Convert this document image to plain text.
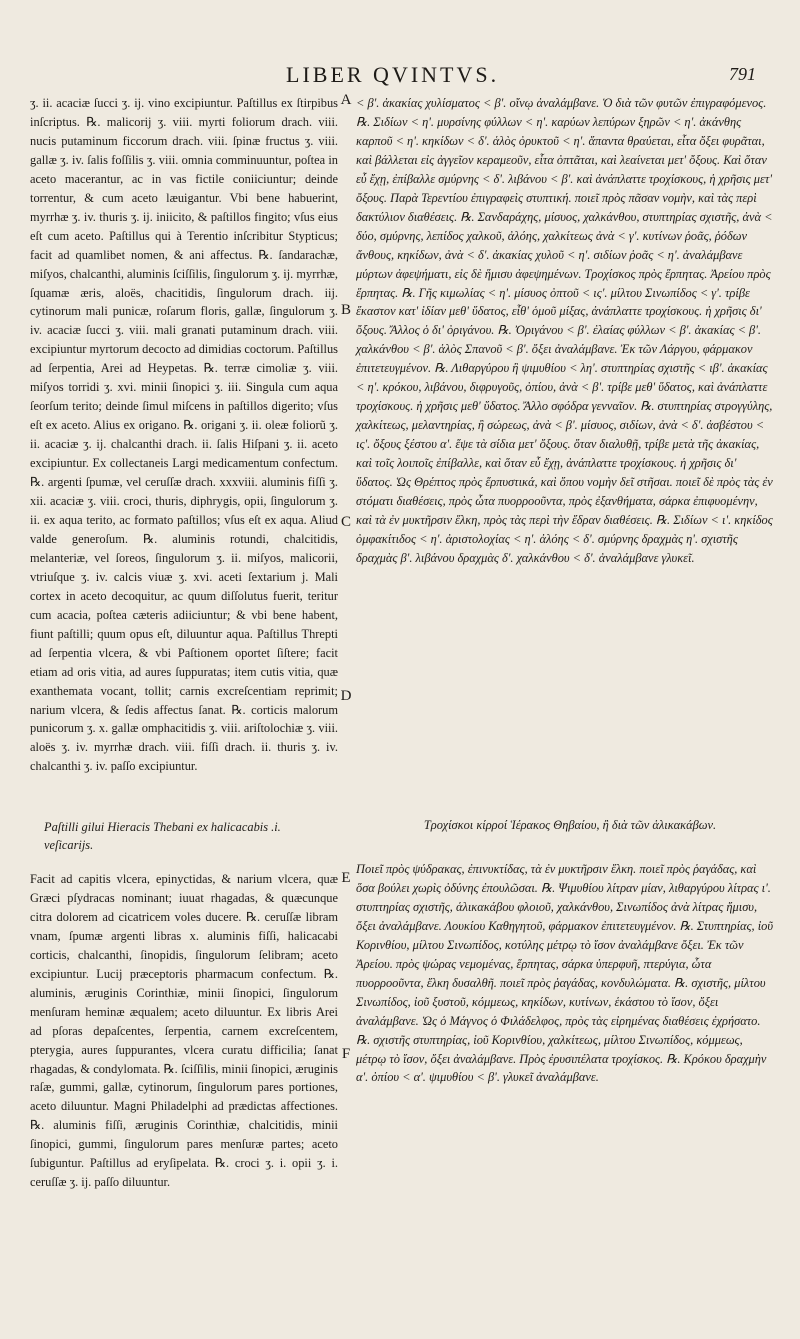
LIBER QVINTVS.	791
A
B
C
D
E
F

ʒ. ii. acaciæ ſucci ʒ. ij. vino excipiuntur. Paſtillus ex ſtirpibus inſcriptus. ℞. malicorij ʒ. viii. myrti foliorum drach. viii. nucis putaminum ficcorum drach. viii. ſpinæ fructus ʒ. viii. gallæ ʒ. iv. ſalis foſſilis ʒ. viii. omnia comminuuntur, poſtea in aceto macerantur, ac in vas fictile coniiciuntur; deinde torrentur, & cum aceto læuigantur. Vbi bene habuerint, myrrhæ ʒ. iv. thuris ʒ. ij. iniicito, & paſtillos fingito; vſus eius eſt cum aceto. Paſtillus qui à Terentio inſcribitur Stypticus; facit ad quamlibet nomen, & ani affectus. ℞. ſandarachæ, miſyos, chalcanthi, aluminis ſciſſilis, ſingulorum ʒ. ij. myrrhæ, ſquamæ æris, aloës, chacitidis, ſingulorum drach. iij. cytinorum mali punicæ, roſarum floris, gallæ, ſingulorum ʒ. iv. acaciæ ſucci ʒ. viii. mali granati putaminum drach. viii. excipiuntur myrtorum decocto ad dimidias coctorum. Paſtillus ad ſerpentia, Arei ad Heypetas. ℞. terræ cimoliæ ʒ. viii. miſyos torridi ʒ. xvi. minii ſinopici ʒ. iii. Singula cum aqua ſeorſum terito; deinde ſimul miſcens in paſtillos digerito; vſus eſt ex aceto. Alius ex origano. ℞. origani ʒ. ii. oleæ foliorũ ʒ. ii. acaciæ ʒ. ij. chalcanthi drach. ii. ſalis Hiſpani ʒ. ii. aceto excipiuntur. Ex collectaneis Largi medicamentum confectum. ℞. argenti ſpumæ, vel ceruſſæ drach. xxxviii. aluminis fiſſi ʒ. xii. acaciæ ʒ. viii. croci, thuris, diphrygis, opii, ſingulorum ʒ. ii. ex aqua terito, ac formato paſtillos; vſus eſt ex aqua. Aliud valde generoſum. ℞. aluminis rotundi, chalcitidis, melanteriæ, vel ſoreos, ſingulorum ʒ. ii. miſyos, malicorii, vtriuſque ʒ. iv. calcis viuæ ʒ. xvi. aceti ſextarium j. Mali cortex in aceto decoquitur, ac quum diſſolutus fuerit, teritur cum acacia, poſtea cæteris adiiciuntur; & vbi bene habent, fiunt paſtilli; quum opus eſt, diluuntur aqua. Paſtillus Threpti ad ſerpentia vlcera, & vbi Paſtionem oportet ſiſtere; facit etiam ad oris vitia, ad aures ſuppuratas; item cutis vitia, quæ exanthemata vocant, tollit; carnis excreſcentiam reprimit; narium vlcera, & ſedis affectus ſanat. ℞. corticis malorum punicorum ʒ. x. gallæ omphacitidis ʒ. viii. ariſtolochiæ ʒ. viii. aloës ʒ. iv. myrrhæ drach. viii. fiſſi drach. ii. thuris ʒ. iv. chalcanthi ʒ. iv. paſſo excipiuntur.

< β'. ἀκακίας χυλίσματος < β'. οἴνῳ ἀναλάμβανε. Ὁ διὰ τῶν φυτῶν ἐπιγραφόμενος. ℞. Σιδίων < η'. μυρσίνης φύλλων < η'. καρύων λεπύρων ξηρῶν < η'. ἀκάνθης καρποῦ < η'. κηκίδων < δ'. ἁλὸς ὀρυκτοῦ < η'. ἅπαντα θραύεται, εἶτα ὄξει φυρᾶται, καὶ βάλλεται εἰς ἀγγεῖον κεραμεοῦν, εἶτα ὀπτᾶται, καὶ λεαίνεται μετ' ὄξους. Καὶ ὅταν εὖ ἔχῃ, ἐπίβαλλε σμύρνης < δ'. λιβάνου < β'. καὶ ἀνάπλαττε τροχίσκους, ἡ χρῆσις μετ' ὄξους. Παρὰ Τερεντίου ἐπιγραφεὶς στυπτική. ποιεῖ πρὸς πᾶσαν νομὴν, καὶ τὰς περὶ δακτύλιον διαθέσεις. ℞. Σανδαράχης, μίσυος, χαλκάνθου, στυπτηρίας σχιστῆς, ἀνὰ < δύο, σμύρνης, λεπίδος χαλκοῦ, ἀλόης, χαλκίτεως ἀνὰ < γ'. κυτίνων ῥοᾶς, ῥόδων ἄνθους, κηκίδων, ἀνὰ < δ'. ἀκακίας χυλοῦ < η'. σιδίων ῥοᾶς < η'. ἀναλάμβανε μύρτων ἀφεψήματι, εἰς δὲ ἥμισυ ἀφεψημένων. Τροχίσκος πρὸς ἕρπητας. Ἀρείου πρὸς ἕρπητας. ℞. Γῆς κιμωλίας < η'. μίσυος ὀπτοῦ < ις'. μίλτου Σινωπίδος < γ'. τρίβε ἕκαστον κατ' ἰδίαν μεθ' ὕδατος, εἶθ' ὁμοῦ μίξας, ἀνάπλαττε τροχίσκους. ἡ χρῆσις δι' ὄξους. Ἄλλος ὁ δι' ὀριγάνου. ℞. Ὀριγάνου < β'. ἐλαίας φύλλων < β'. ἀκακίας < β'. χαλκάνθου < β'. ἁλὸς Σπανοῦ < β'. ὄξει ἀναλάμβανε. Ἐκ τῶν Λάργου, φάρμακον ἐπιτετευγμένον. ℞. Λιθαργύρου ἢ ψιμυθίου < λη'. στυπτηρίας σχιστῆς < ιβ'. ἀκακίας < η'. κρόκου, λιβάνου, διφρυγοῦς, ὀπίου, ἀνὰ < β'. τρίβε μεθ' ὕδατος, καὶ ἀνάπλαττε τροχίσκους. ἡ χρῆσις μεθ' ὕδατος. Ἄλλο σφόδρα γενναῖον. ℞. στυπτηρίας στρογγύλης, χαλκίτεως, μελαντηρίας, ἢ σώρεως, ἀνὰ < β'. μίσυος, σιδίων, ἀνὰ < δ'. ἀσβέστου < ις'. ὄξους ξέστου α'. ἕψε τὰ σίδια μετ' ὄξους. ὅταν διαλυθῇ, τρίβε μετὰ τῆς ἀκακίας, καὶ τοῖς λοιποῖς ἐπίβαλλε, καὶ ὅταν εὖ ἔχῃ, ἀνάπλαττε τροχίσκους. ἡ χρῆσις δι' ὕδατος. Ὡς Θρέπτος πρὸς ἕρπυστικά, καὶ ὅπου νομὴν δεῖ στῆσαι. ποιεῖ δὲ πρὸς τὰς ἐν στόματι διαθέσεις, πρὸς ὦτα πυορροοῦντα, πρὸς ἐξανθήματα, σάρκα ἐπιφυομένην, καὶ τὰ ἐν μυκτῆρσιν ἕλκη, πρὸς τὰς περὶ τὴν ἕδραν διαθέσεις. ℞. Σιδίων < ι'. κηκίδος ὀμφακίτιδος < η'. ἀριστολοχίας < η'. ἀλόης < δ'. σμύρνης δραχμὰς η'. σχιστῆς δραχμὰς β'. λιβάνου δραχμὰς δ'. χαλκάνθου < δ'. ἀναλάμβανε γλυκεῖ.

Paſtilli gilui Hieracis Thebani ex halicacabis .i. veſicarijs.
Τροχίσκοι κίρροί Ἱέρακος Θηβαίου, ἢ διὰ τῶν ἁλικακάβων.

Facit ad capitis vlcera, epinyctidas, & narium vlcera, quæ Græci pſydracas nominant; iuuat rhagadas, & quæcunque citra dolorem ad cicatricem voles ducere. ℞. ceruſſæ libram vnam, ſpumæ argenti libras x. aluminis fiſſi, halicacabi corticis, chalcanthi, ſinopidis, ſingulorum ſelibram; aceto excipiuntur. Lucij præceptoris pharmacum confectum. ℞. aluminis, æruginis Corinthiæ, minii ſinopici, ſingulorum menſuram heminæ æqualem; aceto diluuntur. Ex libris Arei ad pſoras depaſcentes, ſerpentia, carnem excreſcentem, pterygia, aures ſuppurantes, vlcera curatu difficilia; ſanat rhagadas, & condylomata. ℞. ſciſſilis, minii ſinopici, æruginis raſæ, gummi, gallæ, cytinorum, ſingulorum pares portiones, aceto diluuntur. Magni Philadelphi ad prædictas affectiones. ℞. aluminis fiſſi, æruginis Corinthiæ, chalcitidis, minii ſinopici, gummi, ſingulorum pares menſuræ partes; aceto ſubiguntur. Paſtillus ad eryſipelata. ℞. croci ʒ. i. opii ʒ. i. ceruſſæ ʒ. ij. paſſo diluuntur.

Ποιεῖ πρὸς ψύδρακας, ἐπινυκτίδας, τὰ ἐν μυκτῆρσιν ἕλκη. ποιεῖ πρὸς ῥαγάδας, καὶ ὅσα βούλει χωρὶς ὀδύνης ἐπουλῶσαι. ℞. Ψιμυθίου λίτραν μίαν, λιθαργύρου λίτρας ι'. στυπτηρίας σχιστῆς, ἁλικακάβου φλοιοῦ, χαλκάνθου, Σινωπίδος ἀνὰ λίτρας ἥμισυ, ὄξει ἀναλάμβανε. Λουκίου Καθηγητοῦ, φάρμακον ἐπιτετευγμένον. ℞. Στυπτηρίας, ἰοῦ Κορινθίου, μίλτου Σινωπίδος, κοτύλης μέτρῳ τὸ ἴσον ἀναλάμβανε ὄξει. Ἐκ τῶν Ἀρείου. πρὸς ψώρας νεμομένας, ἕρπητας, σάρκα ὑπερφυῆ, πτερύγια, ὦτα πυορροοῦντα, ἕλκη δυσαλθῆ. ποιεῖ πρὸς ῥαγάδας, κονδυλώματα. ℞. σχιστῆς, μίλτου Σινωπίδος, ἰοῦ ξυστοῦ, κόμμεως, κηκίδων, κυτίνων, ἑκάστου τὸ ἴσον, ὄξει ἀναλάμβανε. Ὡς ὁ Μάγνος ὁ Φιλάδελφος, πρὸς τὰς εἰρημένας διαθέσεις ἐχρήσατο. ℞. σχιστῆς στυπτηρίας, ἰοῦ Κορινθίου, χαλκίτεως, μίλτου Σινωπίδος, κόμμεως, μέτρῳ τὸ ἴσον, ὄξει ἀναλάμβανε. Πρὸς ἐρυσιπέλατα τροχίσκος. ℞. Κρόκου δραχμὴν α'. ὀπίου < α'. ψιμυθίου < β'. γλυκεῖ ἀναλάμβανε.
